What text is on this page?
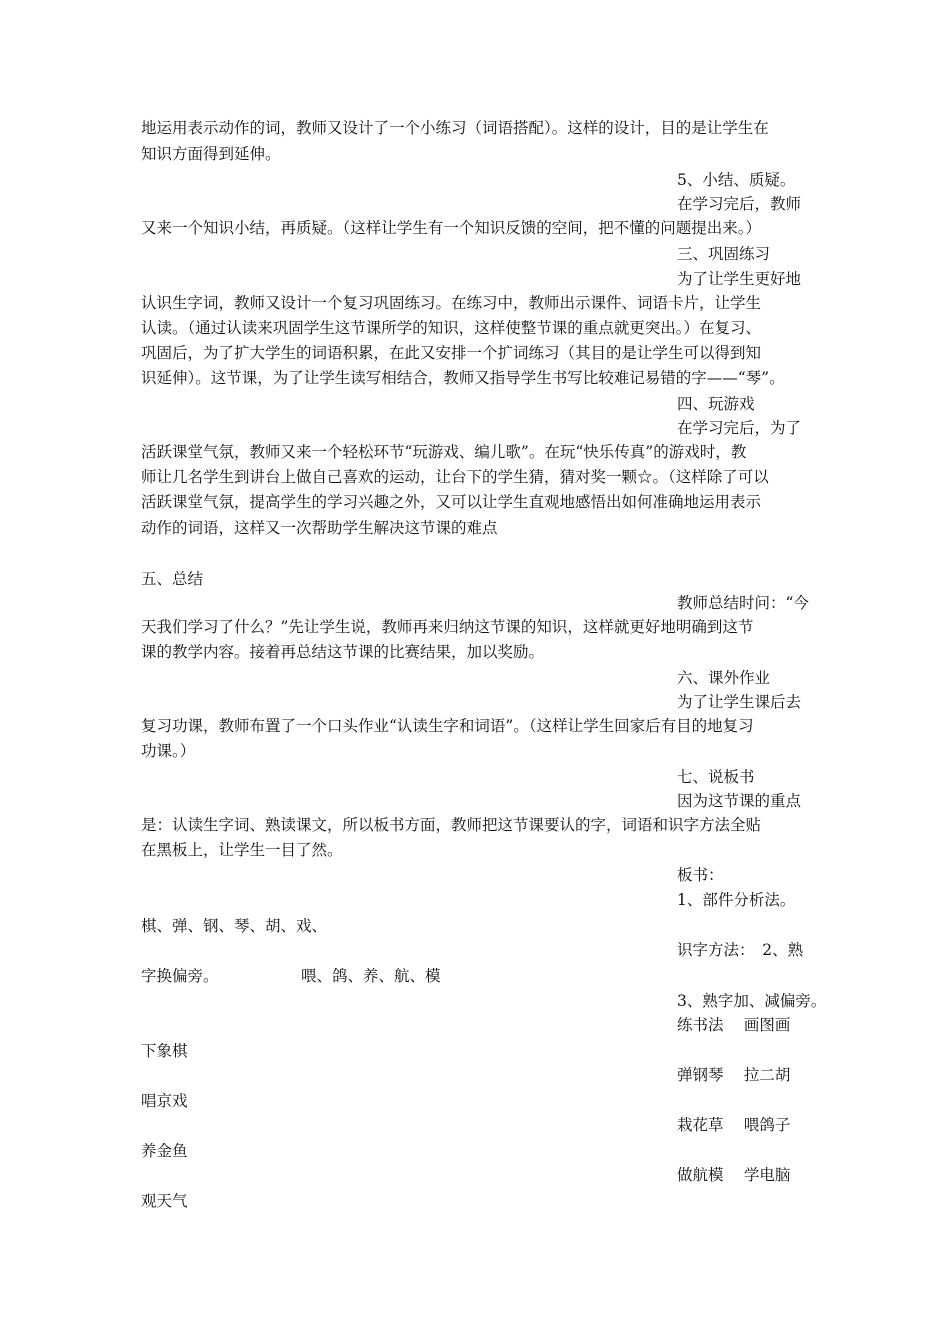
地运用表示动作的词，教师又设计了一个小练习（词语搭配）。这样的设计，目的是让学生在
知识方面得到延伸。
5、小结、质疑。
在学习完后，教师
又来一个知识小结，再质疑。（这样让学生有一个知识反馈的空间，把不懂的问题提出来。）
三、巩固练习
为了让学生更好地
认识生字词，教师又设计一个复习巩固练习。在练习中，教师出示课件、词语卡片，让学生
认读。（通过认读来巩固学生这节课所学的知识，这样使整节课的重点就更突出。）在复习、
巩固后，为了扩大学生的词语积累，在此又安排一个扩词练习（其目的是让学生可以得到知
识延伸）。这节课，为了让学生读写相结合，教师又指导学生书写比较难记易错的字——“琴”。
四、玩游戏
在学习完后，为了
活跃课堂气氛，教师又来一个轻松环节“玩游戏、编儿歌”。在玩“快乐传真”的游戏时，教
师让几名学生到讲台上做自己喜欢的运动，让台下的学生猜，猜对奖一颗☆。（这样除了可以
活跃课堂气氛，提高学生的学习兴趣之外，又可以让学生直观地感悟出如何准确地运用表示
动作的词语，这样又一次帮助学生解决这节课的难点
五、总结
教师总结时问：“今
天我们学习了什么？”先让学生说，教师再来归纳这节课的知识，这样就更好地明确到这节
课的教学内容。接着再总结这节课的比赛结果，加以奖励。
六、课外作业
为了让学生课后去
复习功课，教师布置了一个口头作业“认读生字和词语”。（这样让学生回家后有目的地复习
功课。）
七、说板书
因为这节课的重点
是：认读生字词、熟读课文，所以板书方面，教师把这节课要认的字，词语和识字方法全贴
在黑板上，让学生一目了然。
板书：
1、部件分析法。
棋、弹、钢、琴、胡、戏、
识字方法：　2、熟
字换偏旁。	喂、鸽、养、航、模
3、熟字加、减偏旁。
练书法　 画图画
下象棋
弹钢琴　 拉二胡
唱京戏
栽花草　 喂鸽子
养金鱼
做航模　 学电脑
观天气
